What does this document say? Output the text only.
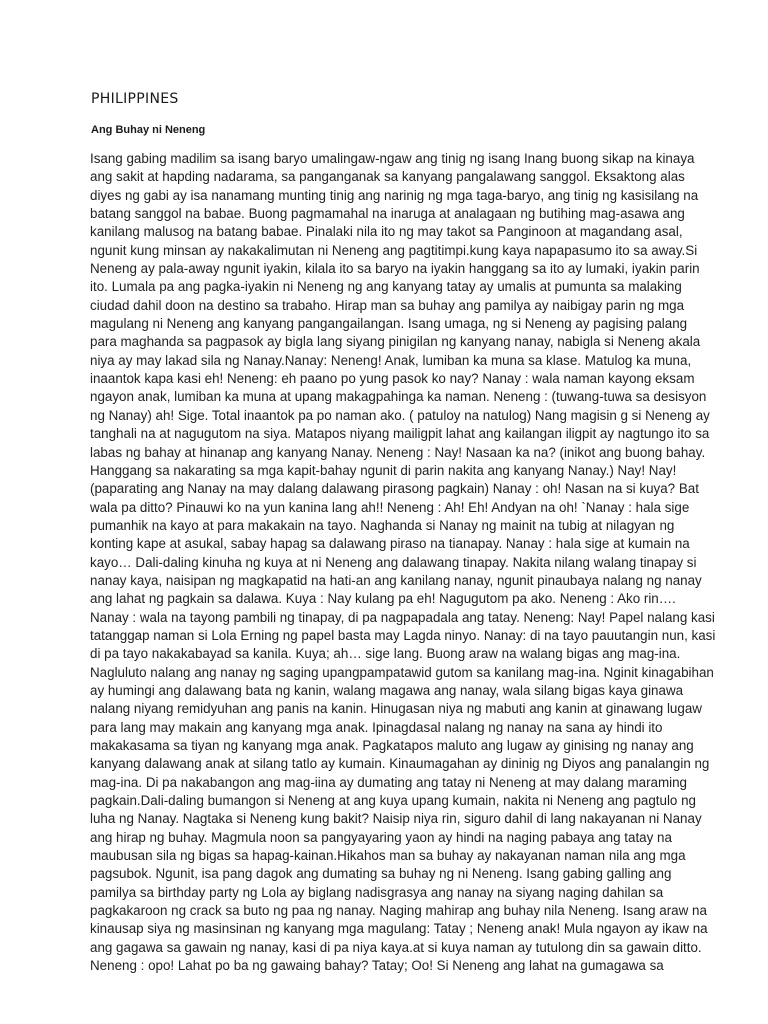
PHILIPPINES
Ang Buhay ni Neneng
Isang gabing madilim sa isang baryo umalingaw-ngaw ang tinig ng isang Inang buong sikap na kinaya
ang sakit at hapding nadarama, sa panganganak sa kanyang pangalawang sanggol. Eksaktong alas
diyes ng gabi ay isa nanamang munting tinig ang narinig ng mga taga-baryo, ang tinig ng kasisilang na
batang sanggol na babae. Buong pagmamahal na inaruga at analagaan ng butihing mag-asawa ang
kanilang malusog na batang babae. Pinalaki nila ito ng may takot sa Panginoon at magandang asal,
ngunit kung minsan ay nakakalimutan ni Neneng ang pagtitimpi.kung kaya napapasumo ito sa away.Si
Neneng ay pala-away ngunit iyakin, kilala ito sa baryo na iyakin hanggang sa ito ay lumaki, iyakin parin
ito. Lumala pa ang pagka-iyakin ni Neneng ng ang kanyang tatay ay umalis at pumunta sa malaking
ciudad dahil doon na destino sa trabaho. Hirap man sa buhay ang pamilya ay naibigay parin ng mga
magulang ni Neneng ang kanyang pangangailangan. Isang umaga, ng si Neneng ay pagising palang
para maghanda sa pagpasok ay bigla lang siyang pinigilan ng kanyang nanay, nabigla si Neneng akala
niya ay may lakad sila ng Nanay.Nanay: Neneng! Anak, lumiban ka muna sa klase. Matulog ka muna,
inaantok kapa kasi eh! Neneng: eh paano po yung pasok ko nay? Nanay : wala naman kayong eksam
ngayon anak, lumiban ka muna at upang makagpahinga ka naman. Neneng : (tuwang-tuwa sa desisyon
ng Nanay) ah! Sige. Total inaantok pa po naman ako. ( patuloy na natulog) Nang magisin g si Neneng ay
tanghali na at nagugutom na siya. Matapos niyang mailigpit lahat ang kailangan iligpit ay nagtungo ito sa
labas ng bahay at hinanap ang kanyang Nanay. Neneng : Nay! Nasaan ka na? (inikot ang buong bahay.
Hanggang sa nakarating sa mga kapit-bahay ngunit di parin nakita ang kanyang Nanay.) Nay! Nay!
(paparating ang Nanay na may dalang dalawang pirasong pagkain) Nanay : oh! Nasan na si kuya? Bat
wala pa ditto? Pinauwi ko na yun kanina lang ah!! Neneng : Ah! Eh! Andyan na oh! `Nanay : hala sige
pumanhik na kayo at para makakain na tayo. Naghanda si Nanay ng mainit na tubig at nilagyan ng
konting kape at asukal, sabay hapag sa dalawang piraso na tianapay. Nanay : hala sige at kumain na
kayo… Dali-daling kinuha ng kuya at ni Neneng ang dalawang tinapay. Nakita nilang walang tinapay si
nanay kaya, naisipan ng magkapatid na hati-an ang kanilang nanay, ngunit pinaubaya nalang ng nanay
ang lahat ng pagkain sa dalawa. Kuya : Nay kulang pa eh! Nagugutom pa ako. Neneng : Ako rin….
Nanay : wala na tayong pambili ng tinapay, di pa nagpapadala ang tatay. Neneng: Nay! Papel nalang kasi
tatanggap naman si Lola Erning ng papel basta may Lagda ninyo. Nanay: di na tayo pauutangin nun, kasi
di pa tayo nakakabayad sa kanila. Kuya; ah… sige lang. Buong araw na walang bigas ang mag-ina.
Nagluluto nalang ang nanay ng saging upangpampatawid gutom sa kanilang mag-ina. Nginit kinagabihan
ay humingi ang dalawang bata ng kanin, walang magawa ang nanay, wala silang bigas kaya ginawa
nalang niyang remidyuhan ang panis na kanin. Hinugasan niya ng mabuti ang kanin at ginawang lugaw
para lang may makain ang kanyang mga anak. Ipinagdasal nalang ng nanay na sana ay hindi ito
makakasama sa tiyan ng kanyang mga anak. Pagkatapos maluto ang lugaw ay ginising ng nanay ang
kanyang dalawang anak at silang tatlo ay kumain. Kinaumagahan ay dininig ng Diyos ang panalangin ng
mag-ina. Di pa nakabangon ang mag-iina ay dumating ang tatay ni Neneng at may dalang maraming
pagkain.Dali-daling bumangon si Neneng at ang kuya upang kumain, nakita ni Neneng ang pagtulo ng
luha ng Nanay. Nagtaka si Neneng kung bakit? Naisip niya rin, siguro dahil di lang nakayanan ni Nanay
ang hirap ng buhay. Magmula noon sa pangyayaring yaon ay hindi na naging pabaya ang tatay na
maubusan sila ng bigas sa hapag-kainan.Hikahos man sa buhay ay nakayanan naman nila ang mga
pagsubok. Ngunit, isa pang dagok ang dumating sa buhay ng ni Neneng. Isang gabing galling ang
pamilya sa birthday party ng Lola ay biglang nadisgrasya ang nanay na siyang naging dahilan sa
pagkakaroon ng crack sa buto ng paa ng nanay. Naging mahirap ang buhay nila Neneng. Isang araw na
kinausap siya ng masinsinan ng kanyang mga magulang: Tatay ; Neneng anak! Mula ngayon ay ikaw na
ang gagawa sa gawain ng nanay, kasi di pa niya kaya.at si kuya naman ay tutulong din sa gawain ditto.
Neneng : opo! Lahat po ba ng gawaing bahay? Tatay; Oo! Si Neneng ang lahat na gumagawa sa
